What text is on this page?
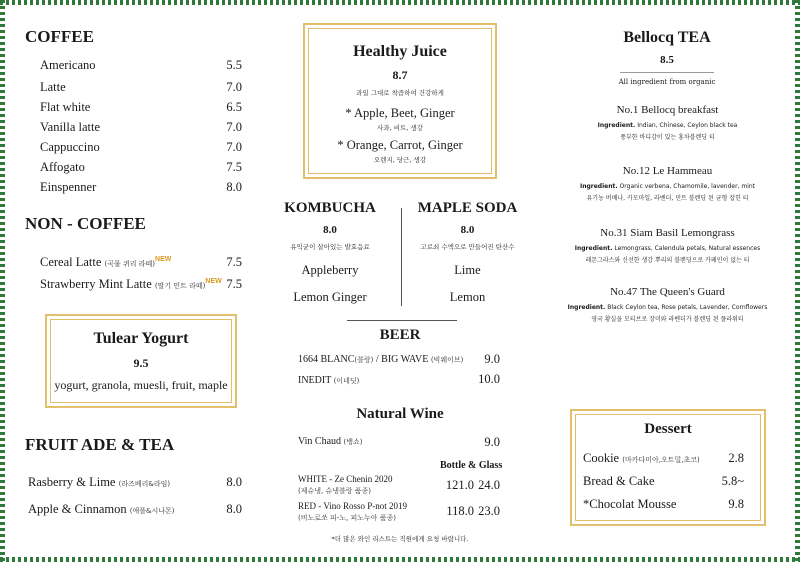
COFFEE
NON - COFFEE
Cereal Latte (곡물 퀴리 라떼)$^{NEW}$	7.5
Strawberry Mint Latte (딸기 민트 라떼)$^{NEW}$ 7.5
Tulear Yogurt
9.5
yogurt, granola, muesli, fruit, maple
FRUIT ADE & TEA
Rasberry & Lime (라즈베리&라임)	8.0
Apple & Cinnamon (애플&시나몬)	8.0
Healthy Juice
8.7
과일 그대로 착즙하여 건강하게
* Apple, Beet, Ginger
사과, 비트, 생강
* Orange, Carrot, Ginger
오렌지, 당근, 생강
KOMBUCHA
8.0
유익균이 살아있는 발효음료
Appleberry
Lemon Ginger
MAPLE SODA
8.0
고로쇠 수액으로 만들어진 탄산수
Lime
Lemon
BEER
1664 BLANC(블랑) / BIG WAVE (빅웨이브)	9.0
INEDIT (이네딧)	10.0
Natural Wine
Vin Chaud (뱅쇼)	9.0
Bottle & Glass
WHITE - Ze Chenin 2020
(제슈냉, 슈냉블랑 품종)	121.0 24.0
RED - Vino Rosso P-not 2019
(비노로쏘 피-노, 피노누아 품종)	118.0 23.0
*더 많은 와인 리스트는 직원에게 요청 바랍니다.
Bellocq TEA
8.5
All ingredient from organic
Dessert
Cookie (마카다미아,오트밀,초코)	2.8
Bread & Cake	5.8~
*Chocolat Mousse	9.8
Americano	5.5
Latte	7.0
Flat white	6.5
Vanilla latte	7.0
Cappuccino	7.0
Affogato	7.5
Einspenner	8.0
No.1 Bellocq breakfast
Ingredient. Indian, Chinese, Ceylon black tea
풍부한 바디감이 있는 홍차블렌딩 티
No.12 Le Hammeau
Ingredient. Organic verbena, Chamomile, lavender, mint
유기농 버베나, 카모마일, 라벤더, 민트 블렌딩 된 균형 잡힌 티
No.31 Siam Basil Lemongrass
Ingredient. Lemongrass, Calendula petals, Natural essences
레몬그라스와 신선한 생강 뿌리의 블렌딩으로 카페인이 없는 티
No.47 The Queen's Guard
Ingredient. Black Ceylon tea, Rose petals, Lavender, Cornflowers
영국 황실을 모티브로 장미와 라벤더가 블렌딩 된 플라워티
